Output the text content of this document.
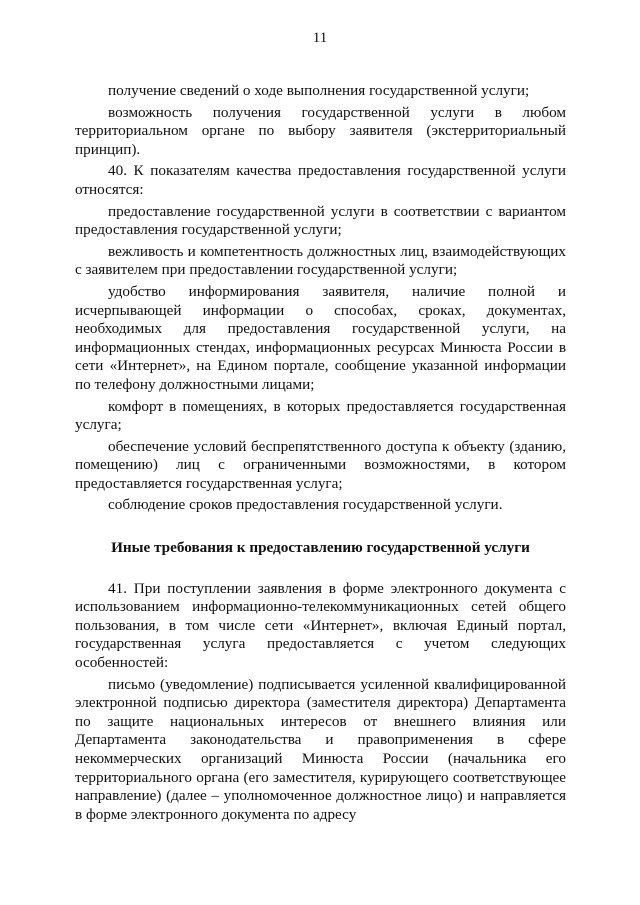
11

получение сведений о ходе выполнения государственной услуги;

возможность получения государственной услуги в любом территориальном органе по выбору заявителя (экстерриториальный принцип).

40. К показателям качества предоставления государственной услуги относятся:

предоставление государственной услуги в соответствии с вариантом предоставления государственной услуги;

вежливость и компетентность должностных лиц, взаимодействующих с заявителем при предоставлении государственной услуги;

удобство информирования заявителя, наличие полной и исчерпывающей информации о способах, сроках, документах, необходимых для предоставления государственной услуги, на информационных стендах, информационных ресурсах Минюста России в сети «Интернет», на Едином портале, сообщение указанной информации по телефону должностными лицами;

комфорт в помещениях, в которых предоставляется государственная услуга;

обеспечение условий беспрепятственного доступа к объекту (зданию, помещению) лиц с ограниченными возможностями, в котором предоставляется государственная услуга;

соблюдение сроков предоставления государственной услуги.

Иные требования к предоставлению государственной услуги

41. При поступлении заявления в форме электронного документа с использованием информационно-телекоммуникационных сетей общего пользования, в том числе сети «Интернет», включая Единый портал, государственная услуга предоставляется с учетом следующих особенностей:

письмо (уведомление) подписывается усиленной квалифицированной электронной подписью директора (заместителя директора) Департамента по защите национальных интересов от внешнего влияния или Департамента законодательства и правоприменения в сфере некоммерческих организаций Минюста России (начальника его территориального органа (его заместителя, курирующего соответствующее направление) (далее – уполномоченное должностное лицо) и направляется в форме электронного документа по адресу
